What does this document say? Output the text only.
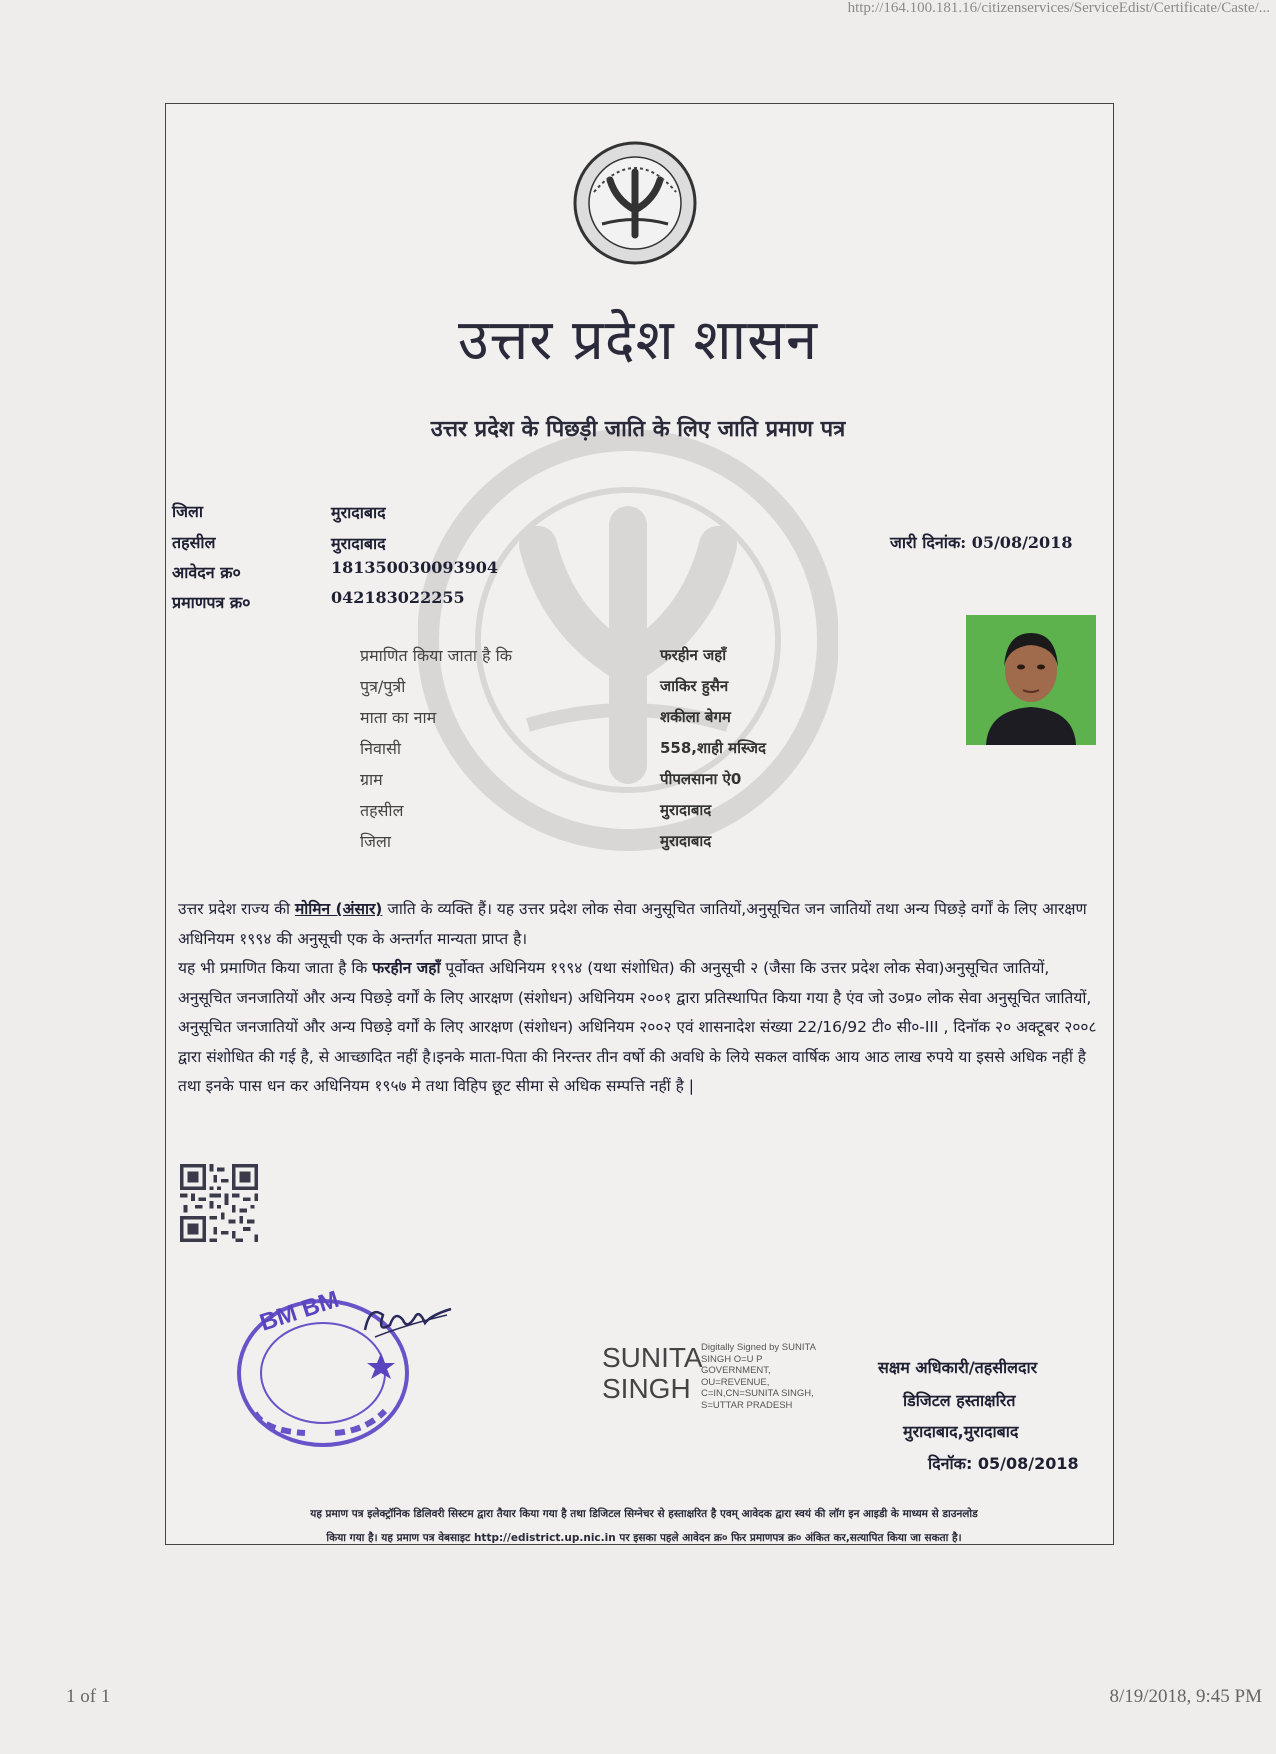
http://164.100.181.16/citizenservices/ServiceEdist/Certificate/Caste/...
1 of 1	8/19/2018, 9:45 PM
उत्तर प्रदेश शासन
उत्तर प्रदेश के पिछड़ी जाति के लिए जाति प्रमाण पत्र
जिला	मुरादाबाद
तहसील	मुरादाबाद
आवेदन क्र०	181350030093904
प्रमाणपत्र क्र०	042183022255
जारी दिनांक: 05/08/2018
प्रमाणित किया जाता है कि	फरहीन जहाँ
पुत्र/पुत्री	जाकिर हुसैन
माता का नाम	शकीला बेगम
निवासी	558,शाही मस्जिद
ग्राम	पीपलसाना ऐ0
तहसील	मुरादाबाद
जिला	मुरादाबाद

उत्तर प्रदेश राज्य की मोमिन (अंसार) जाति के व्यक्ति हैं। यह उत्तर प्रदेश लोक सेवा अनुसूचित जातियों,अनुसूचित जन जातियों तथा अन्य पिछड़े वर्गों के लिए आरक्षण अधिनियम १९९४ की अनुसूची एक के अन्तर्गत मान्यता प्राप्त है।

यह भी प्रमाणित किया जाता है कि फरहीन जहाँ पूर्वोक्त अधिनियम १९९४ (यथा संशोधित) की अनुसूची २ (जैसा कि उत्तर प्रदेश लोक सेवा)अनुसूचित जातियों, अनुसूचित जनजातियों और अन्य पिछड़े वर्गों के लिए आरक्षण (संशोधन) अधिनियम २००१ द्वारा प्रतिस्थापित किया गया है एंव जो उ०प्र० लोक सेवा अनुसूचित जातियों, अनुसूचित जनजातियों और अन्य पिछड़े वर्गों के लिए आरक्षण (संशोधन) अधिनियम २००२ एवं शासनादेश संख्या 22/16/92 टी० सी०-III , दिनॉक २० अक्टूबर २००८ द्वारा संशोधित की गई है, से आच्छादित नहीं है।इनके माता-पिता की निरन्तर तीन वर्षो की अवधि के लिये सकल वार्षिक आय आठ लाख रुपये या इससे अधिक नहीं है तथा इनके पास धन कर अधिनियम १९५७ मे तथा विहिप छूट सीमा से अधिक सम्पत्ति नहीं है |

BM BM
SUNITA
SINGH
Digitally Signed by SUNITA
SINGH O=U P
GOVERNMENT,
OU=REVENUE,
C=IN,CN=SUNITA SINGH,
S=UTTAR PRADESH
सक्षम अधिकारी/तहसीलदार
डिजिटल हस्ताक्षरित
मुरादाबाद,मुरादाबाद
दिनॉक: 05/08/2018
यह प्रमाण पत्र इलेक्ट्रॉनिक डिलिवरी सिस्टम द्वारा तैयार किया गया है तथा डिजिटल सिग्नेचर से हस्ताक्षरित है एवम् आवेदक द्वारा स्वयं की लॉग इन आइडी के माध्यम से डाउनलोड
किया गया है। यह प्रमाण पत्र वेबसाइट http://edistrict.up.nic.in पर इसका पहले आवेदन क्र० फिर प्रमाणपत्र क्र० अंकित कर,सत्यापित किया जा सकता है।
